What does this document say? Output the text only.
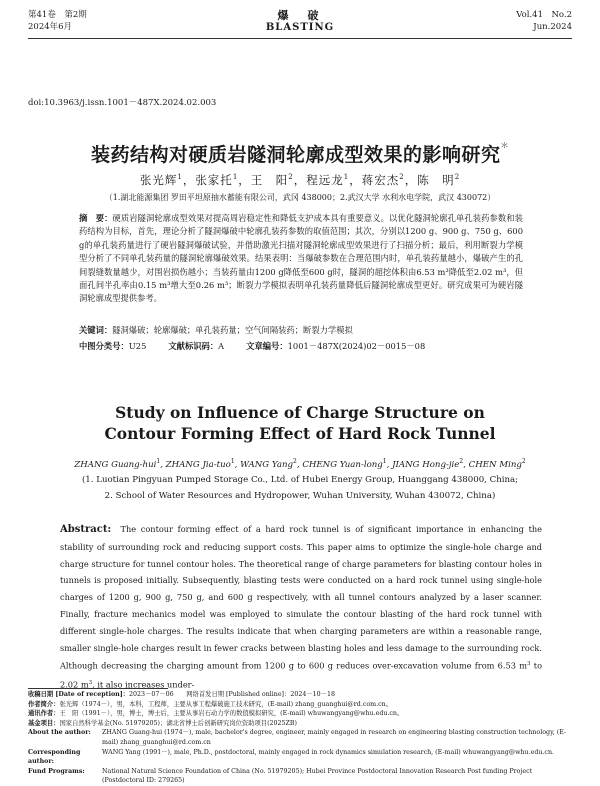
第41卷　第2期
2024年6月
爆　破
BLASTING
Vol.41　No.2
Jun.2024
doi:10.3963/j.issn.1001－487X.2024.02.003
装药结构对硬质岩隧洞轮廓成型效果的影响研究＊
张光辉$^1$，张家托$^1$，王　阳$^2$，程远龙$^1$，蒋宏杰$^2$，陈　明$^2$
（1.湖北能源集团 罗田平坦原抽水蓄能有限公司，武冈 438000；2.武汉大学 水利水电学院，武汉 430072）
摘　要：硬质岩隧洞轮廓成型效果对提高周岩稳定性和降低支护成本具有重要意义。以优化隧洞轮廓孔单孔装药参数和装药结构为目标，首先，理论分析了隧洞爆破中轮廓孔装药参数的取值范围；其次，分别以1200 g、900 g、750 g、600 g的单孔装药量进行了硬岩隧洞爆破试验，并借助激光扫描对隧洞轮廓成型效果进行了扫描分析；最后，利用断裂力学模型分析了不同单孔装药量的隧洞轮廓爆破效果。结果表明：当爆破参数在合理范围内时，单孔装药量越小，爆破产生的孔间裂缝数量越少，对围岩损伤越小；当装药量由1200 g降低至600 g时，隧洞的超挖体积由6.53 m³降低至2.02 m³，但面孔间半孔率由0.15 m³增大至0.26 m³；断裂力学模拟表明单孔装药量降低后隧洞轮廓成型更好。研究成果可为硬岩隧洞轮廓成型提供参考。
关键词：隧洞爆破；轮廓爆破；单孔装药量；空气间隔装药；断裂力学模拟
中图分类号：U25	文献标识码：A	文章编号：1001－487X(2024)02－0015－08
Study on Influence of Charge Structure on
Contour Forming Effect of Hard Rock Tunnel
ZHANG Guang-hui$^1$, ZHANG Jia-tuo$^1$, WANG Yang$^2$, CHENG Yuan-long$^1$, JIANG Hong-jie$^2$, CHEN Ming$^2$
(1. Luotian Pingyuan Pumped Storage Co., Ltd. of Hubei Energy Group, Huanggang 438000, China;
2. School of Water Resources and Hydropower, Wuhan University, Wuhan 430072, China)
Abstract: The contour forming effect of a hard rock tunnel is of significant importance in enhancing the stability of surrounding rock and reducing support costs. This paper aims to optimize the single-hole charge and charge structure for tunnel contour holes. The theoretical range of charge parameters for blasting contour holes in tunnels is proposed initially. Subsequently, blasting tests were conducted on a hard rock tunnel using single-hole charges of 1200 g, 900 g, 750 g, and 600 g respectively, with all tunnel contours analyzed by a laser scanner. Finally, fracture mechanics model was employed to simulate the contour blasting of the hard rock tunnel with different single-hole charges. The results indicate that when charging parameters are within a reasonable range, smaller single-hole charges result in fewer cracks between blasting holes and less damage to the surrounding rock. Although decreasing the charging amount from 1200 g to 600 g reduces over-excavation volume from 6.53 $m^3$ to 2.02 $m^3$, it also increases under-
收稿日期 [Date of reception]：2023－07－06　　网络首发日期 [Published online]：2024－10－18
作者简介：张光辉（1974－），男，本科，工程师，主要从事工程爆破施工技术研究，(E-mail) zhang_guanghui@rd.com.cn。
通讯作者：王　阳（1991－），男，博士，博士后，主要从事岩石动力学的数值模拟研究，(E-mail) whuwangyang@whu.edu.cn。
基金项目：国家自然科学基金(No. 51979205)；湖北省博士后创新研究岗位资助项目(2025ZB)
About the author:	ZHANG Guang-hui (1974－), male, bachelor's degree, engineer, mainly engaged in research on engineering blasting construction technology, (E-mail) zhang_guanghui@rd.com.cn
Corresponding author:
WANG Yang (1991－), male, Ph.D., postdoctoral, mainly engaged in rock dynamics simulation research, (E-mail) whuwangyang@whu.edu.cn.
Fund Programs:	National Natural Science Foundation of China (No. 51979205); Hubei Province Postdoctoral Innovation Research Post funding Project (Postdoctoral ID: 279265)
